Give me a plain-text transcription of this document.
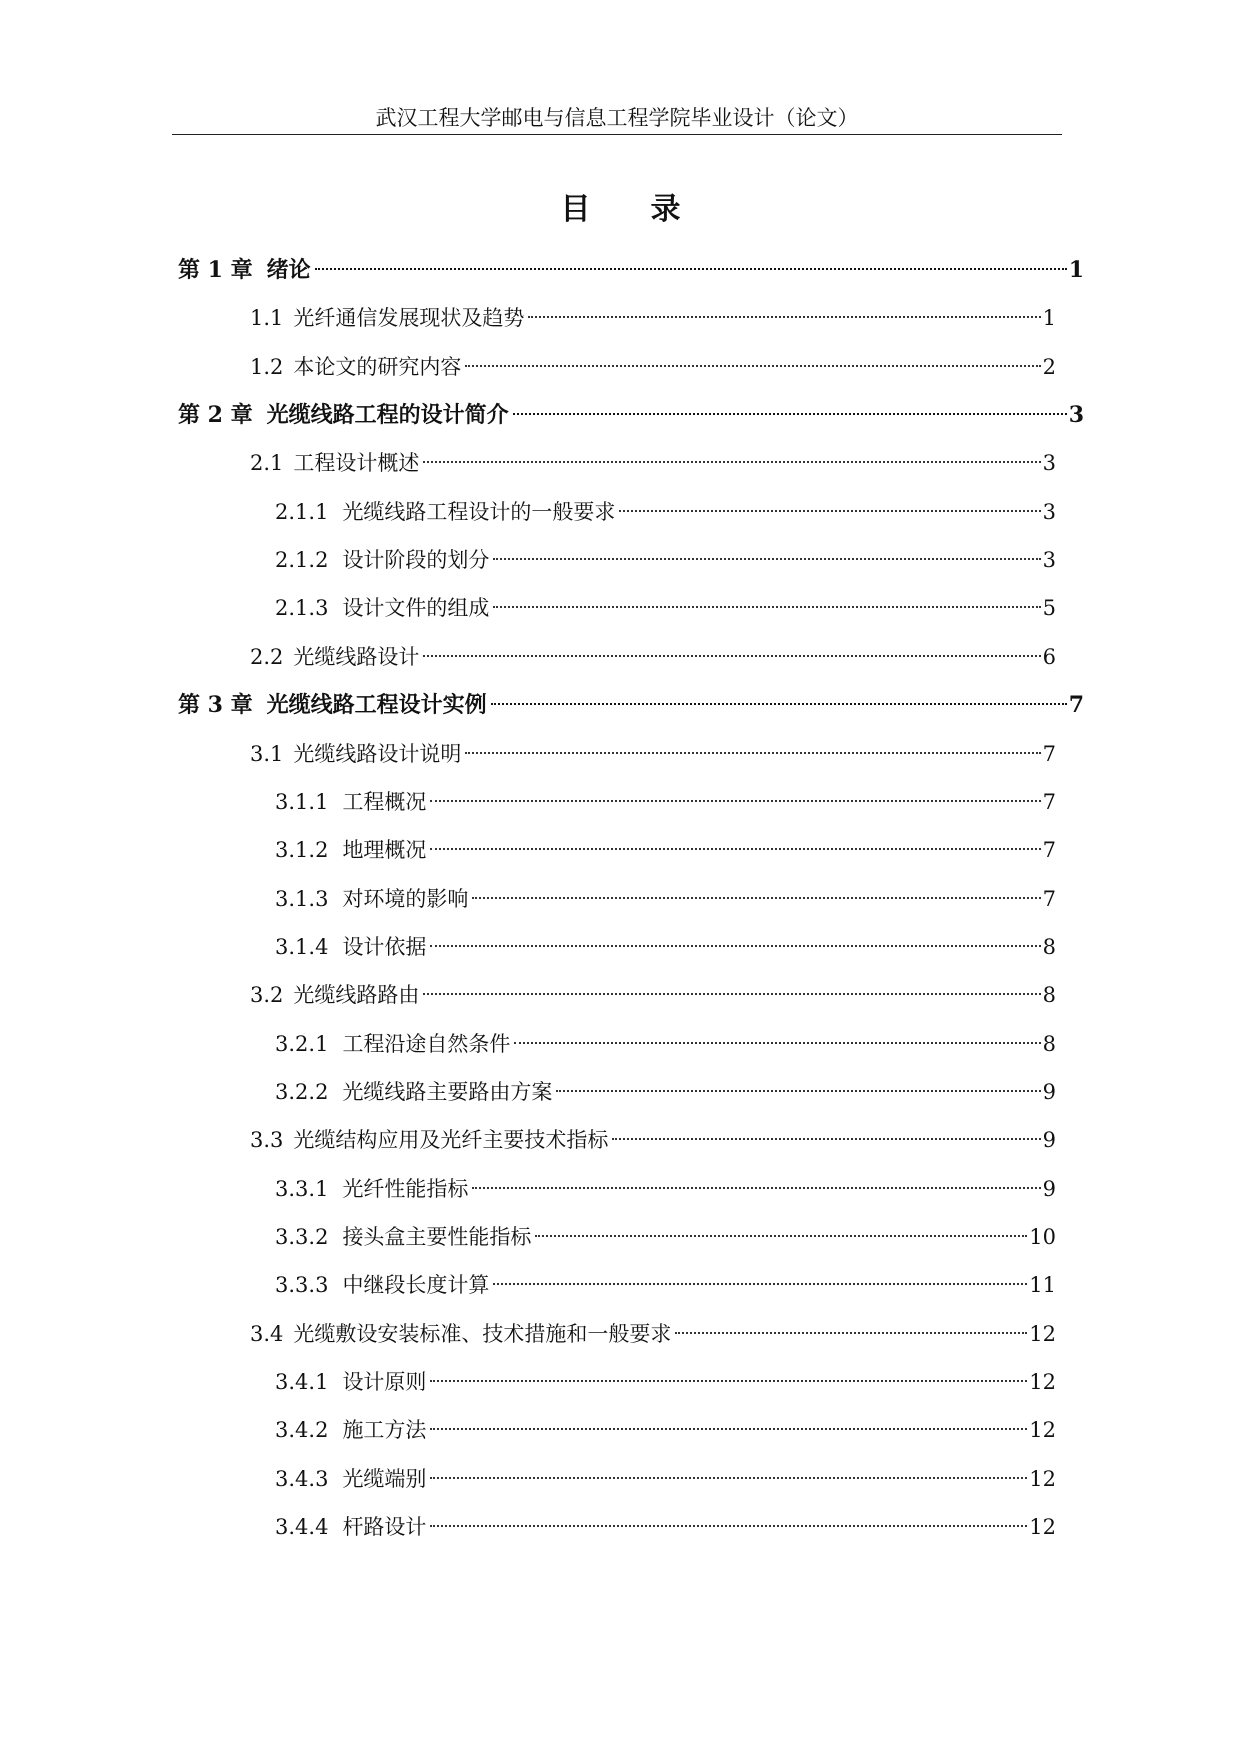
武汉工程大学邮电与信息工程学院毕业设计（论文）
目录
第 1 章 绪论	1
1.1 光纤通信发展现状及趋势	1
1.2 本论文的研究内容	2
第 2 章 光缆线路工程的设计简介	3
2.1 工程设计概述	3
2.1.1 光缆线路工程设计的一般要求	3
2.1.2 设计阶段的划分	3
2.1.3 设计文件的组成	5
2.2 光缆线路设计	6
第 3 章 光缆线路工程设计实例	7
3.1 光缆线路设计说明	7
3.1.1 工程概况	7
3.1.2 地理概况	7
3.1.3 对环境的影响	7
3.1.4 设计依据	8
3.2 光缆线路路由	8
3.2.1 工程沿途自然条件	8
3.2.2 光缆线路主要路由方案	9
3.3 光缆结构应用及光纤主要技术指标	9
3.3.1 光纤性能指标	9
3.3.2 接头盒主要性能指标	10
3.3.3 中继段长度计算	11
3.4 光缆敷设安装标准、技术措施和一般要求	12
3.4.1 设计原则	12
3.4.2 施工方法	12
3.4.3 光缆端别	12
3.4.4 杆路设计	12
